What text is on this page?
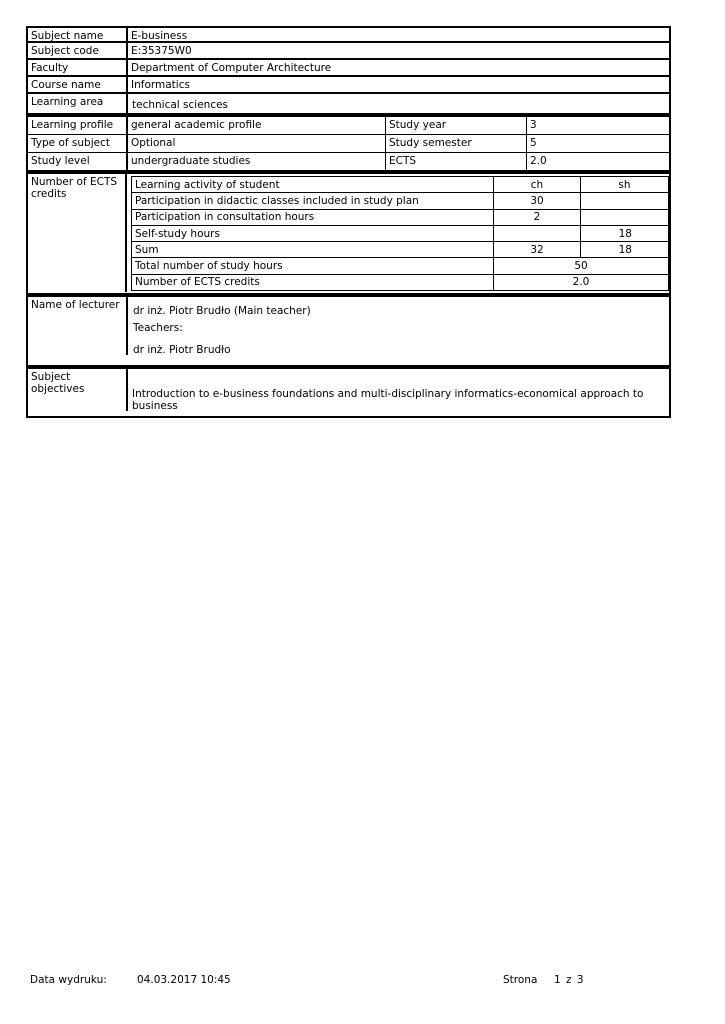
Subject name	E-business
Subject code	E:35375W0
Faculty	Department of Computer Architecture
Course name	Informatics
Learning area	technical sciences
Learning profile	general academic profile	Study year	3
Type of subject	Optional	Study semester	5
Study level	undergraduate studies	ECTS	2.0
Number of ECTS credits
Learning activity of student	ch	sh
Participation in didactic classes included in study plan	30	
Participation in consultation hours	2	
Self-study hours		18
Sum	32	18
Total number of study hours	50	
Number of ECTS credits	2.0	
Name of lecturer	dr inż. Piotr Brudło (Main teacher)
Teachers:
dr inż. Piotr Brudło
Subject objectives	Introduction to e-business foundations and multi-disciplinary informatics-economical approach to business
Data wydruku:	04.03.2017 10:45	Strona 1 z 3
